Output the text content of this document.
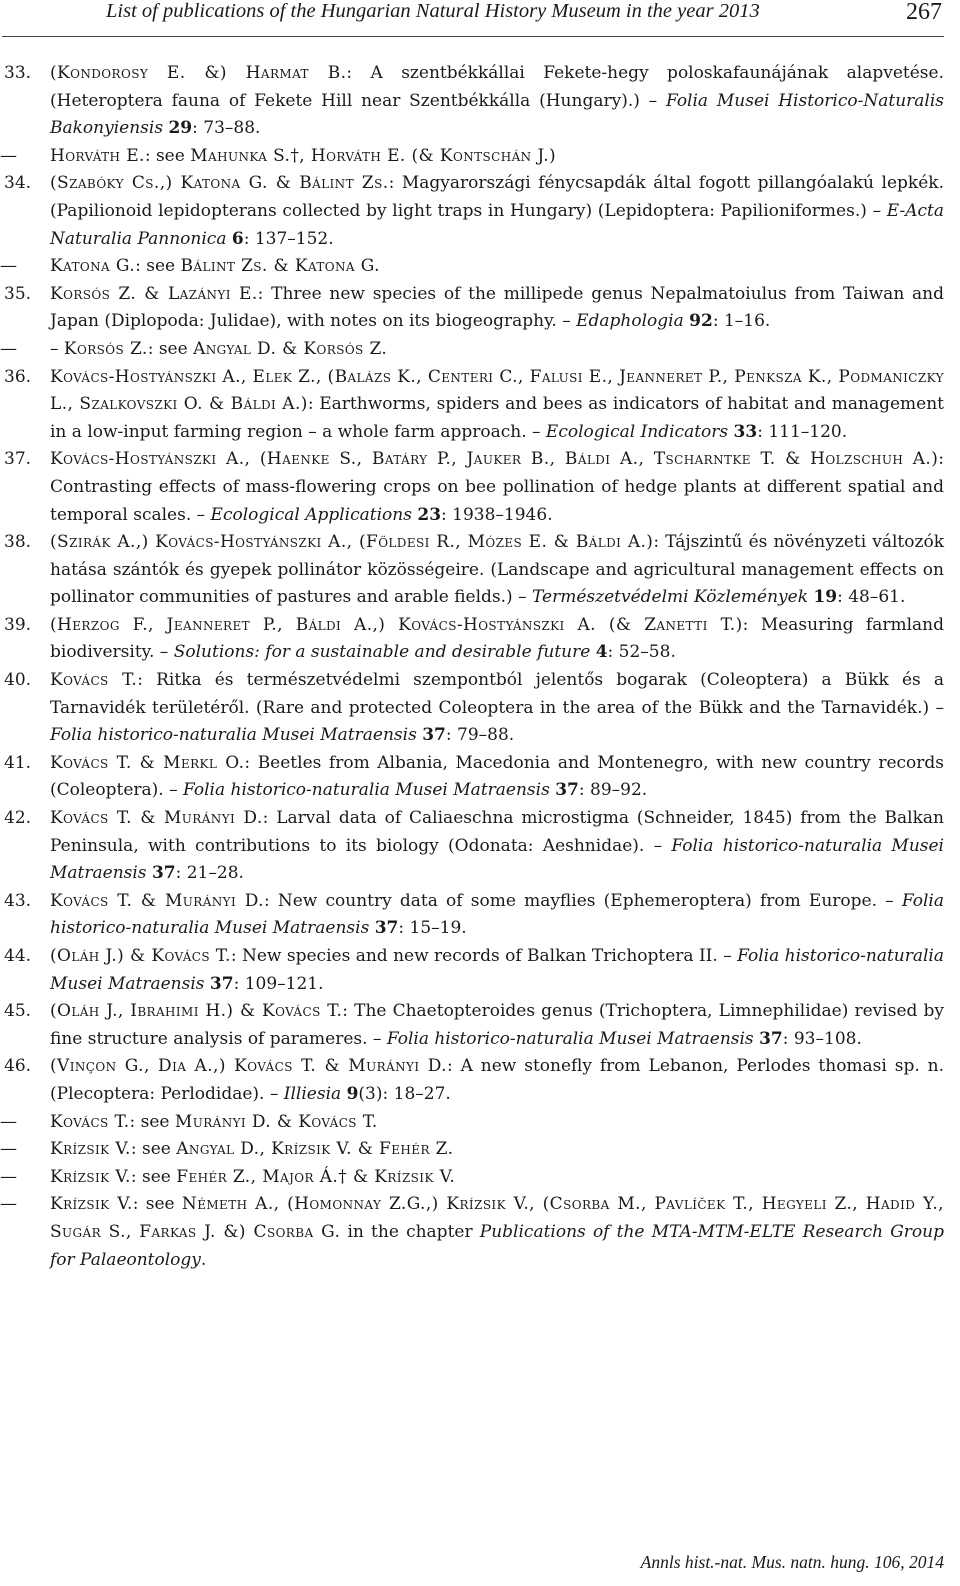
List of publications of the Hungarian Natural History Museum in the year 2013	267
33. (Kondorosy E. &) Harmat B.: A szentbékkállai Fekete-hegy poloskafaunájának alapvetése. (Heteroptera fauna of Fekete Hill near Szentbékkálla (Hungary).) – Folia Musei Historico-Naturalis Bakonyiensis 29: 73–88.
— Horváth E.: see Mahunka S.†, Horváth E. (& Kontschán J.)
34. (Szabóky Cs.,) Katona G. & Bálint Zs.: Magyarországi fénycsapdák által fogott pillangóalakú lepkék. (Papilionoid lepidopterans collected by light traps in Hungary) (Lepidoptera: Papilioniformes.) – E-Acta Naturalia Pannonica 6: 137–152.
— Katona G.: see Bálint Zs. & Katona G.
35. Korsós Z. & Lazányi E.: Three new species of the millipede genus Nepalmatoiulus from Taiwan and Japan (Diplopoda: Julidae), with notes on its biogeography. – Edaphologia 92: 1–16.
— – Korsós Z.: see Angyal D. & Korsós Z.
36. Kovács-Hostyánszki A., Elek Z., (Balázs K., Centeri C., Falusi E., Jeanneret P., Penksza K., Podmaniczky L., Szalkovszki O. & Báldi A.): Earthworms, spiders and bees as indicators of habitat and management in a low-input farming region – a whole farm approach. – Ecological Indicators 33: 111–120.
37. Kovács-Hostyánszki A., (Haenke S., Batáry P., Jauker B., Báldi A., Tscharntke T. & Holzschuh A.): Contrasting effects of mass-flowering crops on bee pollination of hedge plants at different spatial and temporal scales. – Ecological Applications 23: 1938–1946.
38. (Szirák A.,) Kovács-Hostyánszki A., (Földesi R., Mózes E. & Báldi A.): Tájszintű és növényzeti változók hatása szántók és gyepek pollinátor közösségeire. (Landscape and agricultural management effects on pollinator communities of pastures and arable fields.) – Természetvédelmi Közlemények 19: 48–61.
39. (Herzog F., Jeanneret P., Báldi A.,) Kovács-Hostyánszki A. (& Zanetti T.): Measuring farmland biodiversity. – Solutions: for a sustainable and desirable future 4: 52–58.
40. Kovács T.: Ritka és természetvédelmi szempontból jelentős bogarak (Coleoptera) a Bükk és a Tarnavidék területéről. (Rare and protected Coleoptera in the area of the Bükk and the Tarnavidék.) – Folia historico-naturalia Musei Matraensis 37: 79–88.
41. Kovács T. & Merkl O.: Beetles from Albania, Macedonia and Montenegro, with new country records (Coleoptera). – Folia historico-naturalia Musei Matraensis 37: 89–92.
42. Kovács T. & Murányi D.: Larval data of Caliaeschna microstigma (Schneider, 1845) from the Balkan Peninsula, with contributions to its biology (Odonata: Aeshnidae). – Folia historico-naturalia Musei Matraensis 37: 21–28.
43. Kovács T. & Murányi D.: New country data of some mayflies (Ephemeroptera) from Europe. – Folia historico-naturalia Musei Matraensis 37: 15–19.
44. (Oláh J.) & Kovács T.: New species and new records of Balkan Trichoptera II. – Folia historico-naturalia Musei Matraensis 37: 109–121.
45. (Oláh J., Ibrahimi H.) & Kovács T.: The Chaetopteroides genus (Trichoptera, Limnephilidae) revised by fine structure analysis of parameres. – Folia historico-naturalia Musei Matraensis 37: 93–108.
46. (Vinçon G., Dia A.,) Kovács T. & Murányi D.: A new stonefly from Lebanon, Perlodes thomasi sp. n. (Plecoptera: Perlodidae). – Illiesia 9(3): 18–27.
— Kovács T.: see Murányi D. & Kovács T.
— Krízsik V.: see Angyal D., Krízsik V. & Fehér Z.
— Krízsik V.: see Fehér Z., Major Á.† & Krízsik V.
— Krízsik V.: see Németh A., (Homonnay Z.G.,) Krízsik V., (Csorba M., Pavlíček T., Hegyeli Z., Hadid Y., Sugár S., Farkas J. &) Csorba G. in the chapter Publications of the MTA-MTM-ELTE Research Group for Palaeontology.
Annls hist.-nat. Mus. natn. hung. 106, 2014
